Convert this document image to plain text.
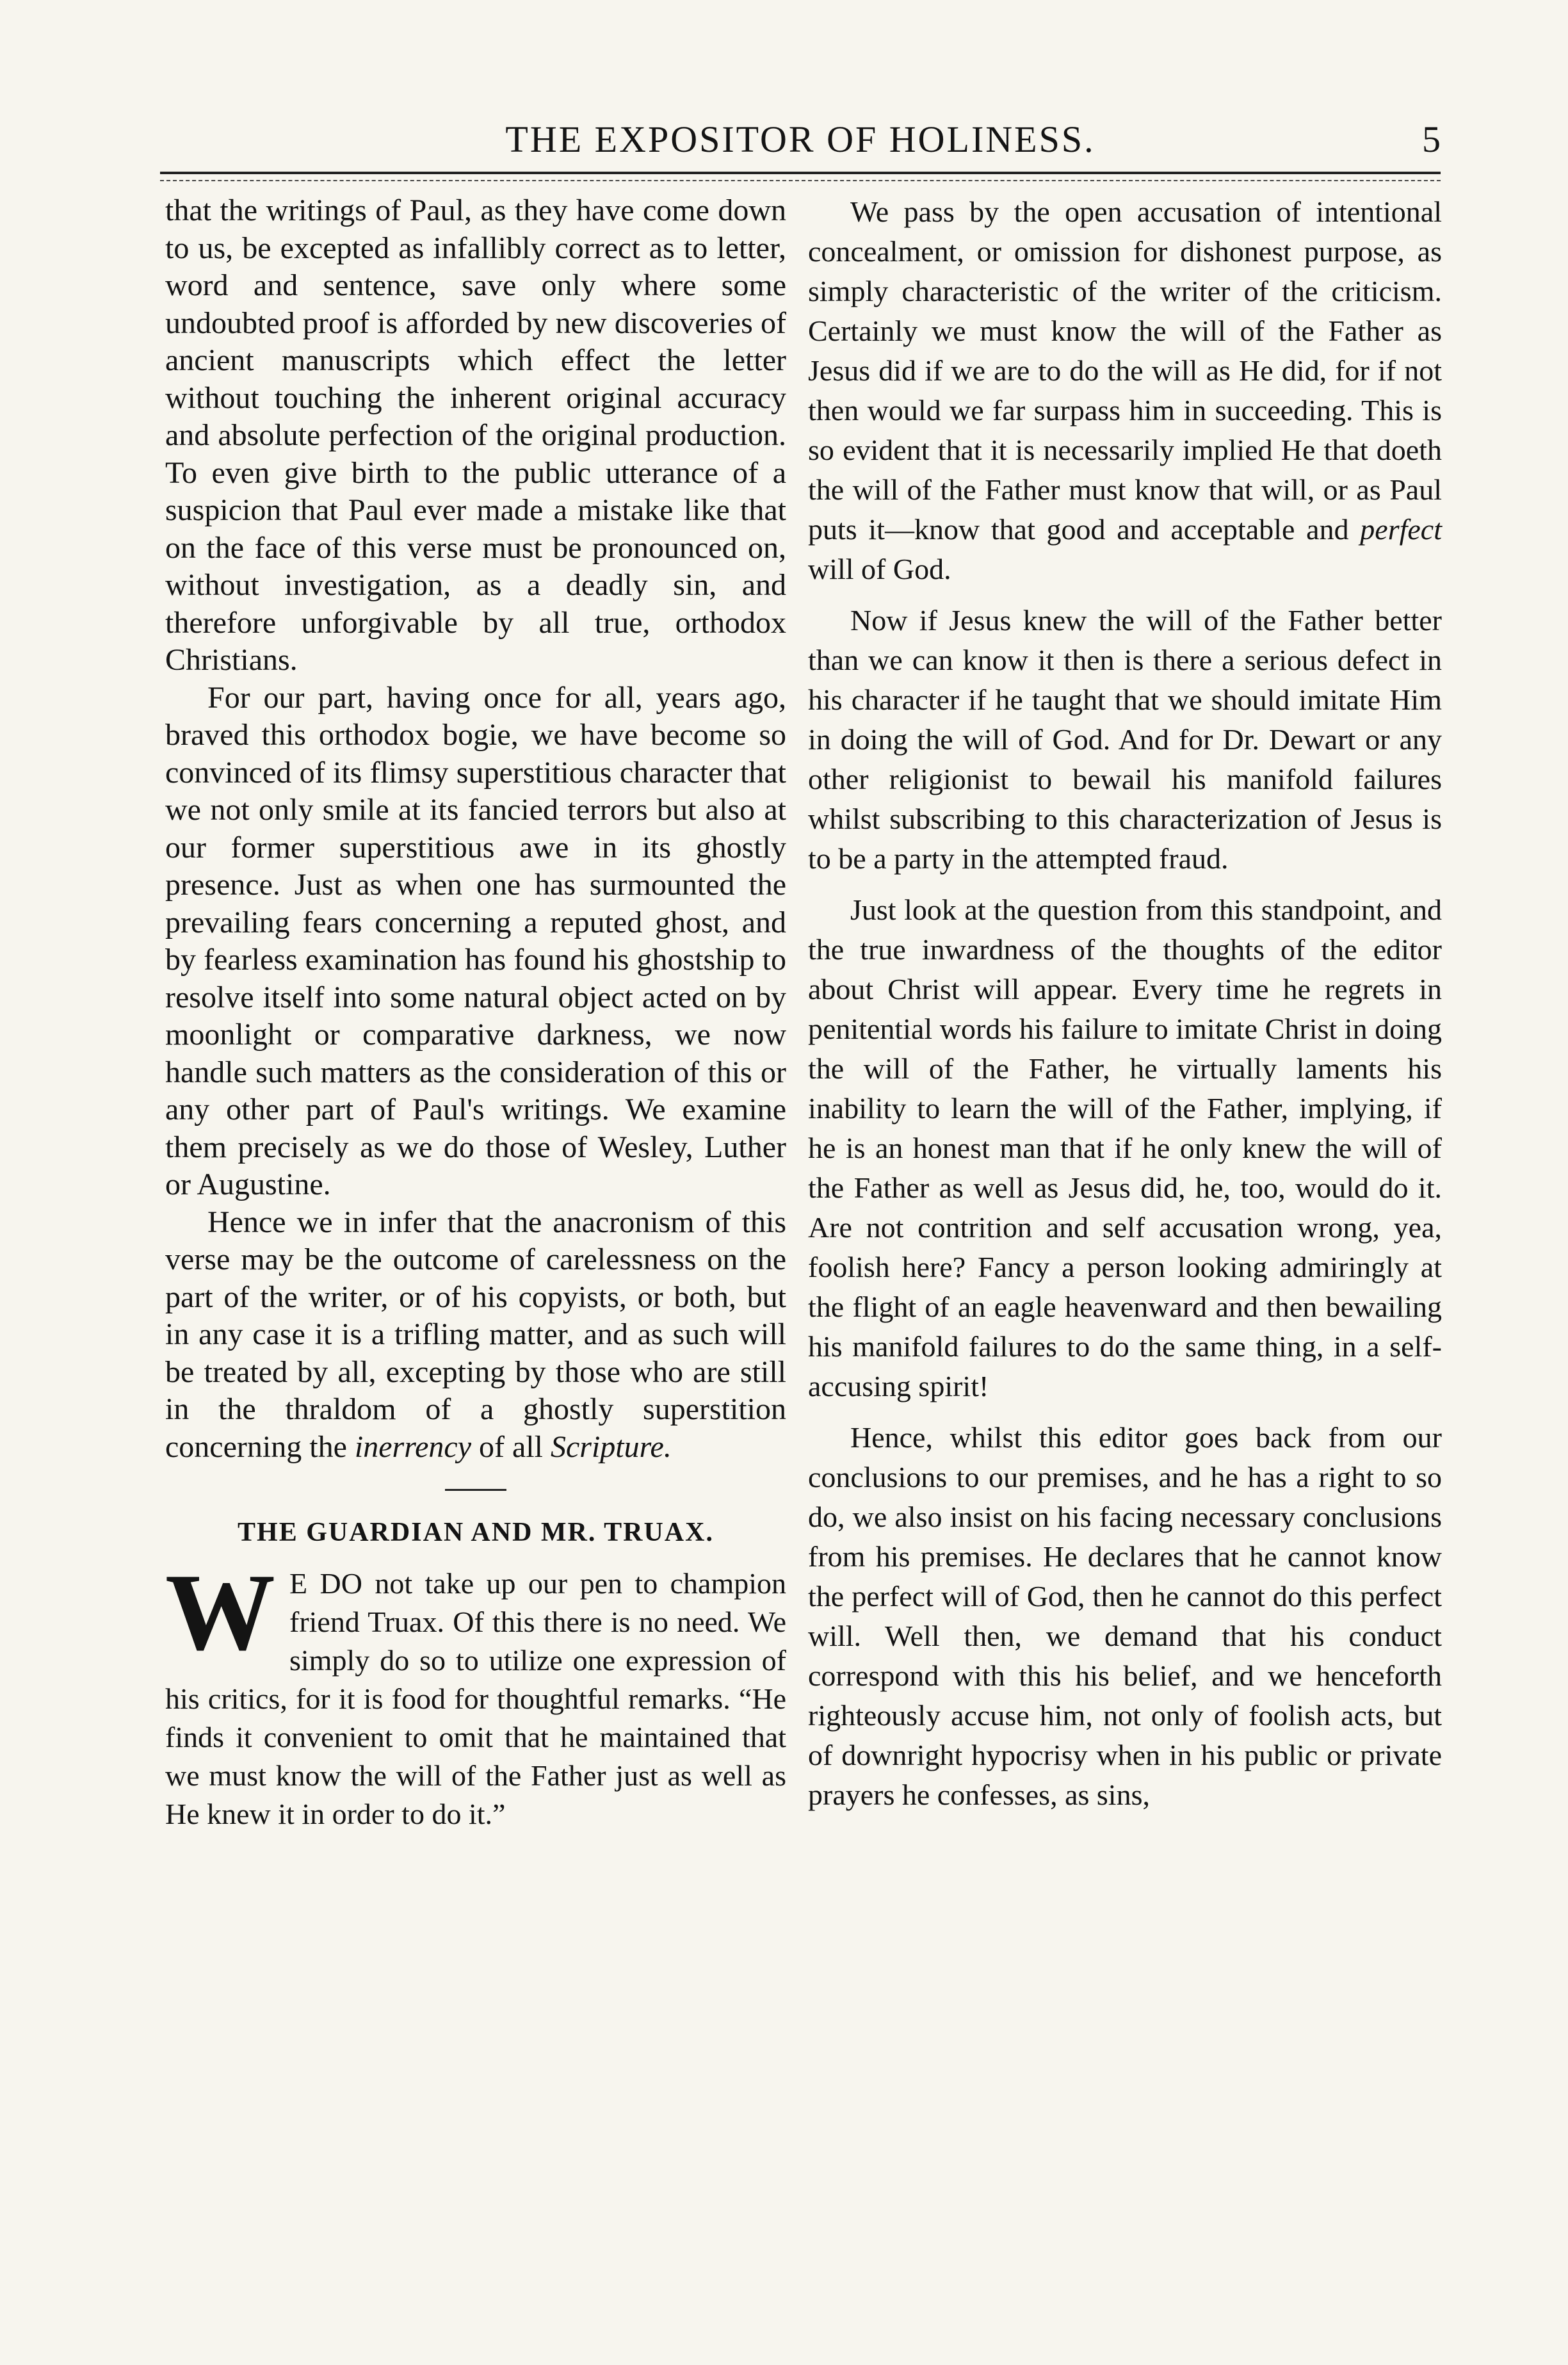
THE EXPOSITOR OF HOLINESS.	5

that the writings of Paul, as they have come down to us, be excepted as infallibly correct as to letter, word and sentence, save only where some undoubted proof is afforded by new discoveries of ancient manuscripts which effect the letter without touching the inherent original accuracy and absolute perfection of the original production. To even give birth to the public utterance of a suspicion that Paul ever made a mistake like that on the face of this verse must be pronounced on, without investigation, as a deadly sin, and therefore unforgivable by all true, orthodox Christians.

For our part, having once for all, years ago, braved this orthodox bogie, we have become so convinced of its flimsy superstitious character that we not only smile at its fancied terrors but also at our former superstitious awe in its ghostly presence. Just as when one has surmounted the prevailing fears concerning a reputed ghost, and by fearless examination has found his ghostship to resolve itself into some natural object acted on by moonlight or comparative darkness, we now handle such matters as the consideration of this or any other part of Paul's writings. We examine them precisely as we do those of Wesley, Luther or Augustine.

Hence we in infer that the anacronism of this verse may be the outcome of carelessness on the part of the writer, or of his copyists, or both, but in any case it is a trifling matter, and as such will be treated by all, excepting by those who are still in the thraldom of a ghostly superstition concerning the inerrency of all Scripture.

THE GUARDIAN AND MR. TRUAX.

W E DO not take up our pen to champion friend Truax. Of this there is no need. We simply do so to utilize one expression of his critics, for it is food for thoughtful remarks. “He finds it convenient to omit that he maintained that we must know the will of the Father just as well as He knew it in order to do it.”

We pass by the open accusation of intentional concealment, or omission for dishonest purpose, as simply characteristic of the writer of the criticism. Certainly we must know the will of the Father as Jesus did if we are to do the will as He did, for if not then would we far surpass him in succeeding. This is so evident that it is necessarily implied He that doeth the will of the Father must know that will, or as Paul puts it—know that good and acceptable and perfect will of God.

Now if Jesus knew the will of the Father better than we can know it then is there a serious defect in his character if he taught that we should imitate Him in doing the will of God. And for Dr. Dewart or any other religionist to bewail his manifold failures whilst subscribing to this characterization of Jesus is to be a party in the attempted fraud.

Just look at the question from this standpoint, and the true inwardness of the thoughts of the editor about Christ will appear. Every time he regrets in penitential words his failure to imitate Christ in doing the will of the Father, he virtually laments his inability to learn the will of the Father, implying, if he is an honest man that if he only knew the will of the Father as well as Jesus did, he, too, would do it. Are not contrition and self accusation wrong, yea, foolish here? Fancy a person looking admiringly at the flight of an eagle heavenward and then bewailing his manifold failures to do the same thing, in a self-accusing spirit!

Hence, whilst this editor goes back from our conclusions to our premises, and he has a right to so do, we also insist on his facing necessary conclusions from his premises. He declares that he cannot know the perfect will of God, then he cannot do this perfect will. Well then, we demand that his conduct correspond with this his belief, and we henceforth righteously accuse him, not only of foolish acts, but of downright hypocrisy when in his public or private prayers he confesses, as sins,
